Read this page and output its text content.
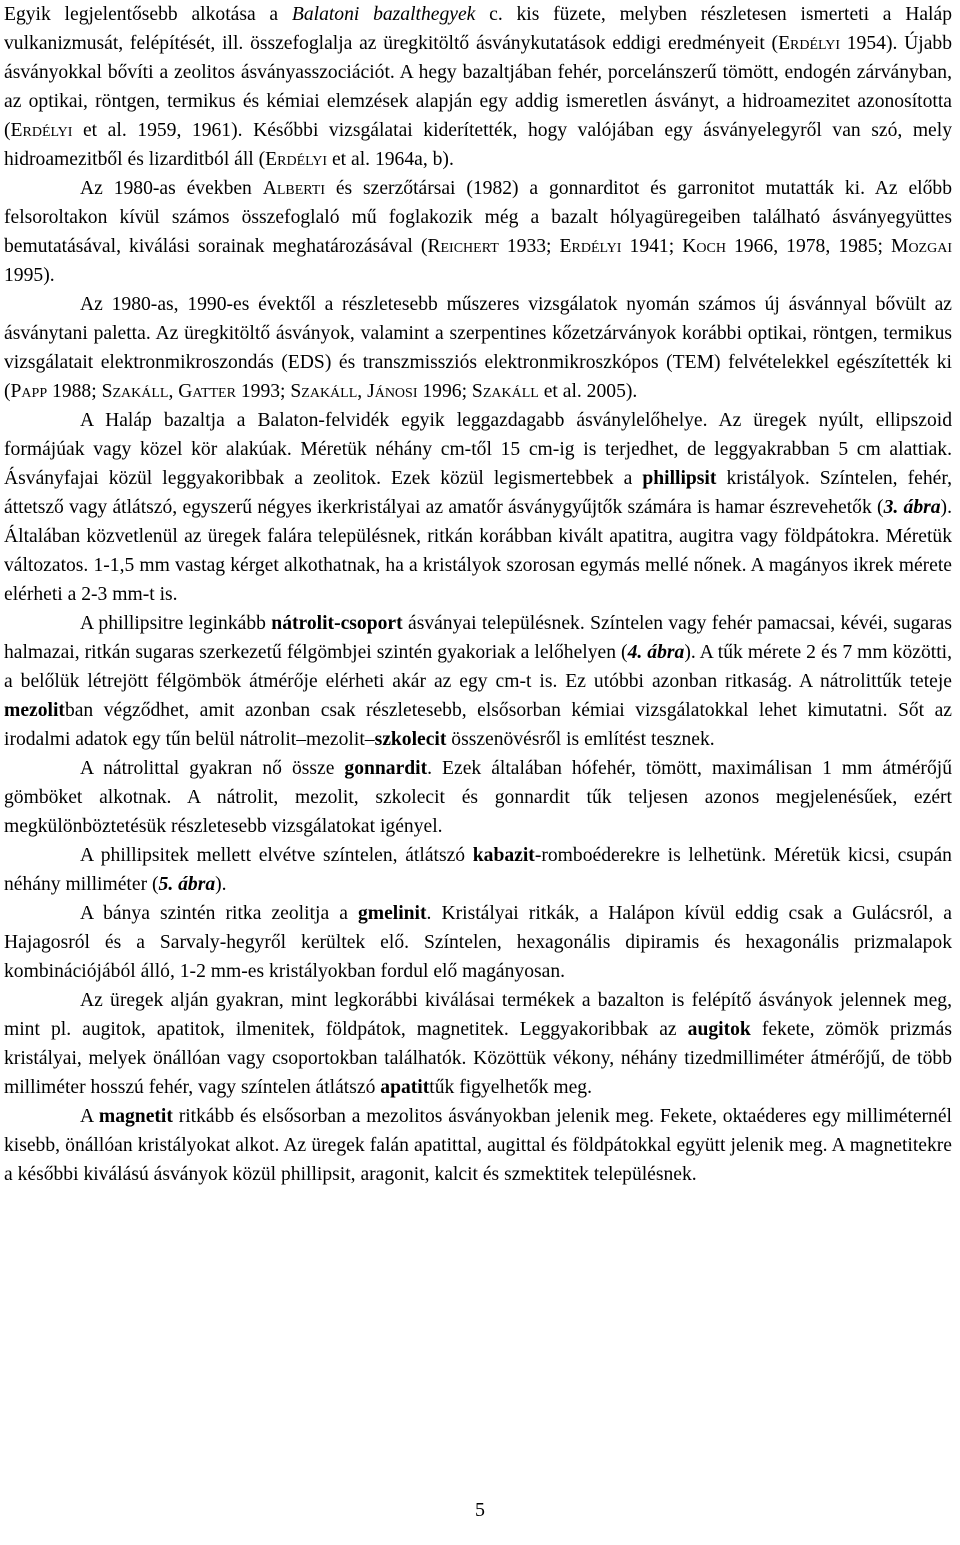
Egyik legjelentősebb alkotása a Balatoni bazalthegyek c. kis füzete, melyben részletesen ismerteti a Haláp vulkanizmusát, felépítését, ill. összefoglalja az üregkitöltő ásványkutatások eddigi eredményeit (Erdélyi 1954). Újabb ásványokkal bővíti a zeolitos ásványasszociációt. A hegy bazaltjában fehér, porcelánszerű tömött, endogén zárványban, az optikai, röntgen, termikus és kémiai elemzések alapján egy addig ismeretlen ásványt, a hidroamezitet azonosította (Erdélyi et al. 1959, 1961). Későbbi vizsgálatai kiderítették, hogy valójában egy ásványelegyről van szó, mely hidroamezitből és lizarditból áll (Erdélyi et al. 1964a, b).

Az 1980-as években Alberti és szerzőtársai (1982) a gonnarditot és garronitot mutatták ki. Az előbb felsoroltakon kívül számos összefoglaló mű foglakozik még a bazalt hólyagüregeiben található ásványegyüttes bemutatásával, kiválási sorainak meghatározásával (Reichert 1933; Erdélyi 1941; Koch 1966, 1978, 1985; Mozgai 1995).

Az 1980-as, 1990-es évektől a részletesebb műszeres vizsgálatok nyomán számos új ásvánnyal bővült az ásványtani paletta. Az üregkitöltő ásványok, valamint a szerpentines kőzetzárványok korábbi optikai, röntgen, termikus vizsgálatait elektronmikroszondás (EDS) és transzmissziós elektronmikroszkópos (TEM) felvételekkel egészítették ki (Papp 1988; Szakáll, Gatter 1993; Szakáll, Jánosi 1996; Szakáll et al. 2005).

A Haláp bazaltja a Balaton-felvidék egyik leggazdagabb ásványlelőhelye. Az üregek nyúlt, ellipszoid formájúak vagy közel kör alakúak. Méretük néhány cm-től 15 cm-ig is terjedhet, de leggyakrabban 5 cm alattiak. Ásványfajai közül leggyakoribbak a zeolitok. Ezek közül legismertebbek a phillipsit kristályok. Színtelen, fehér, áttetsző vagy átlátszó, egyszerű négyes ikerkristályai az amatőr ásványgyűjtők számára is hamar észrevehetők (3. ábra). Általában közvetlenül az üregek falára településnek, ritkán korábban kivált apatitra, augitra vagy földpátokra. Méretük változatos. 1-1,5 mm vastag kérget alkothatnak, ha a kristályok szorosan egymás mellé nőnek. A magányos ikrek mérete elérheti a 2-3 mm-t is.

A phillipsitre leginkább nátrolit-csoport ásványai településnek. Színtelen vagy fehér pamacsai, kévéi, sugaras halmazai, ritkán sugaras szerkezetű félgömbjei szintén gyakoriak a lelőhelyen (4. ábra). A tűk mérete 2 és 7 mm közötti, a belőlük létrejött félgömbök átmérője elérheti akár az egy cm-t is. Ez utóbbi azonban ritkaság. A nátrolittűk teteje mezolitban végződhet, amit azonban csak részletesebb, elsősorban kémiai vizsgálatokkal lehet kimutatni. Sőt az irodalmi adatok egy tűn belül nátrolit–mezolit–szkolecit összenövésről is említést tesznek.

A nátrolittal gyakran nő össze gonnardit. Ezek általában hófehér, tömött, maximálisan 1 mm átmérőjű gömböket alkotnak. A nátrolit, mezolit, szkolecit és gonnardit tűk teljesen azonos megjelenésűek, ezért megkülönböztetésük részletesebb vizsgálatokat igényel.

A phillipsitek mellett elvétve színtelen, átlátszó kabazit-romboéderekre is lelhetünk. Méretük kicsi, csupán néhány milliméter (5. ábra).

A bánya szintén ritka zeolitja a gmelinit. Kristályai ritkák, a Halápon kívül eddig csak a Gulácsról, a Hajagosról és a Sarvaly-hegyről kerültek elő. Színtelen, hexagonális dipiramis és hexagonális prizmalapok kombinációjából álló, 1-2 mm-es kristályokban fordul elő magányosan.

Az üregek alján gyakran, mint legkorábbi kiválásai termékek a bazalton is felépítő ásványok jelennek meg, mint pl. augitok, apatitok, ilmenitek, földpátok, magnetitek. Leggyakoribbak az augitok fekete, zömök prizmás kristályai, melyek önállóan vagy csoportokban találhatók. Közöttük vékony, néhány tizedmilliméter átmérőjű, de több milliméter hosszú fehér, vagy színtelen átlátszó apatittűk figyelhetők meg.

A magnetit ritkább és elsősorban a mezolitos ásványokban jelenik meg. Fekete, oktaéderes egy milliméternél kisebb, önállóan kristályokat alkot. Az üregek falán apatittal, augittal és földpátokkal együtt jelenik meg. A magnetitekre a későbbi kiválású ásványok közül phillipsit, aragonit, kalcit és szmektitek településnek.

5
